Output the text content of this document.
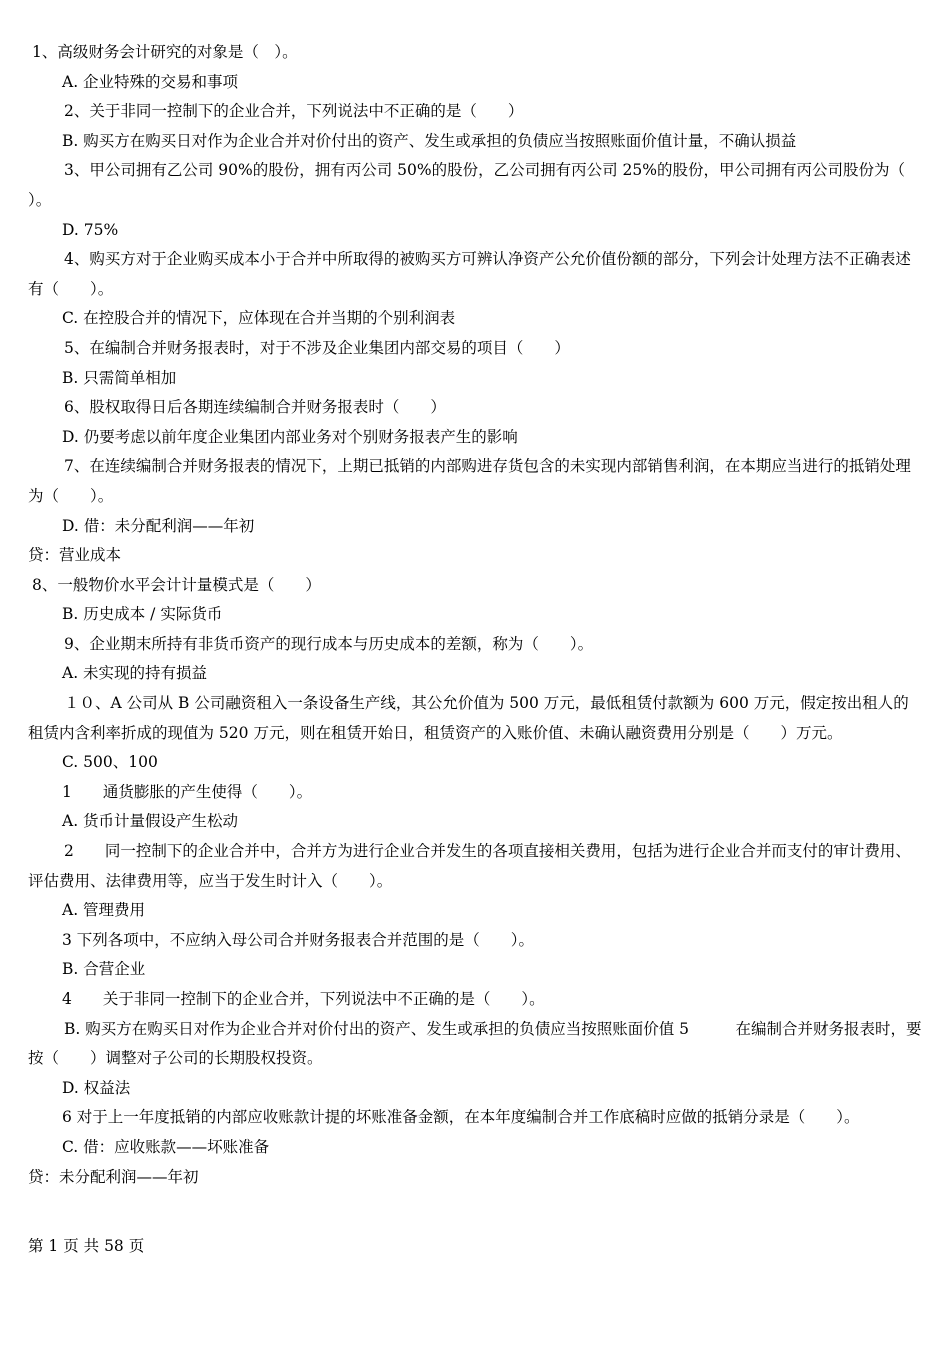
1、高级财务会计研究的对象是（　）。
A. 企业特殊的交易和事项
2、关于非同一控制下的企业合并，下列说法中不正确的是（　　）
B. 购买方在购买日对作为企业合并对价付出的资产、发生或承担的负债应当按照账面价值计量，不确认损益
3、甲公司拥有乙公司 90%的股份，拥有丙公司 50%的股份，乙公司拥有丙公司 25%的股份，甲公司拥有丙公司股份为（　　）。
D. 75%
4、购买方对于企业购买成本小于合并中所取得的被购买方可辨认净资产公允价值份额的部分，下列会计处理方法不正确表述有（　　）。
C. 在控股合并的情况下，应体现在合并当期的个别利润表
5、在编制合并财务报表时，对于不涉及企业集团内部交易的项目（　　）
B. 只需简单相加
6、股权取得日后各期连续编制合并财务报表时（　　）
D. 仍要考虑以前年度企业集团内部业务对个别财务报表产生的影响
7、在连续编制合并财务报表的情况下，上期已抵销的内部购进存货包含的未实现内部销售利润，在本期应当进行的抵销处理为（　　）。
D. 借：未分配利润——年初
贷：营业成本
8、一般物价水平会计计量模式是（　　）
B. 历史成本 / 实际货币
9、企业期末所持有非货币资产的现行成本与历史成本的差额，称为（　　）。
A. 未实现的持有损益
１０、A 公司从 B 公司融资租入一条设备生产线，其公允价值为 500 万元，最低租赁付款额为 600 万元，假定按出租人的租赁内含利率折成的现值为 520 万元，则在租赁开始日，租赁资产的入账价值、未确认融资费用分别是（　　）万元。
C. 500、100
1　　通货膨胀的产生使得（　　）。
A. 货币计量假设产生松动
2　　同一控制下的企业合并中，合并方为进行企业合并发生的各项直接相关费用，包括为进行企业合并而支付的审计费用、评估费用、法律费用等，应当于发生时计入（　　）。
A. 管理费用
3 下列各项中，不应纳入母公司合并财务报表合并范围的是（　　）。
B. 合营企业
4　　关于非同一控制下的企业合并，下列说法中不正确的是（　　）。
B. 购买方在购买日对作为企业合并对价付出的资产、发生或承担的负债应当按照账面价值 5　　　在编制合并财务报表时，要按（　　）调整对子公司的长期股权投资。
D. 权益法
6 对于上一年度抵销的内部应收账款计提的坏账准备金额，在本年度编制合并工作底稿时应做的抵销分录是（　　）。
C. 借：应收账款——坏账准备
贷：未分配利润——年初
第 1 页 共 58 页
